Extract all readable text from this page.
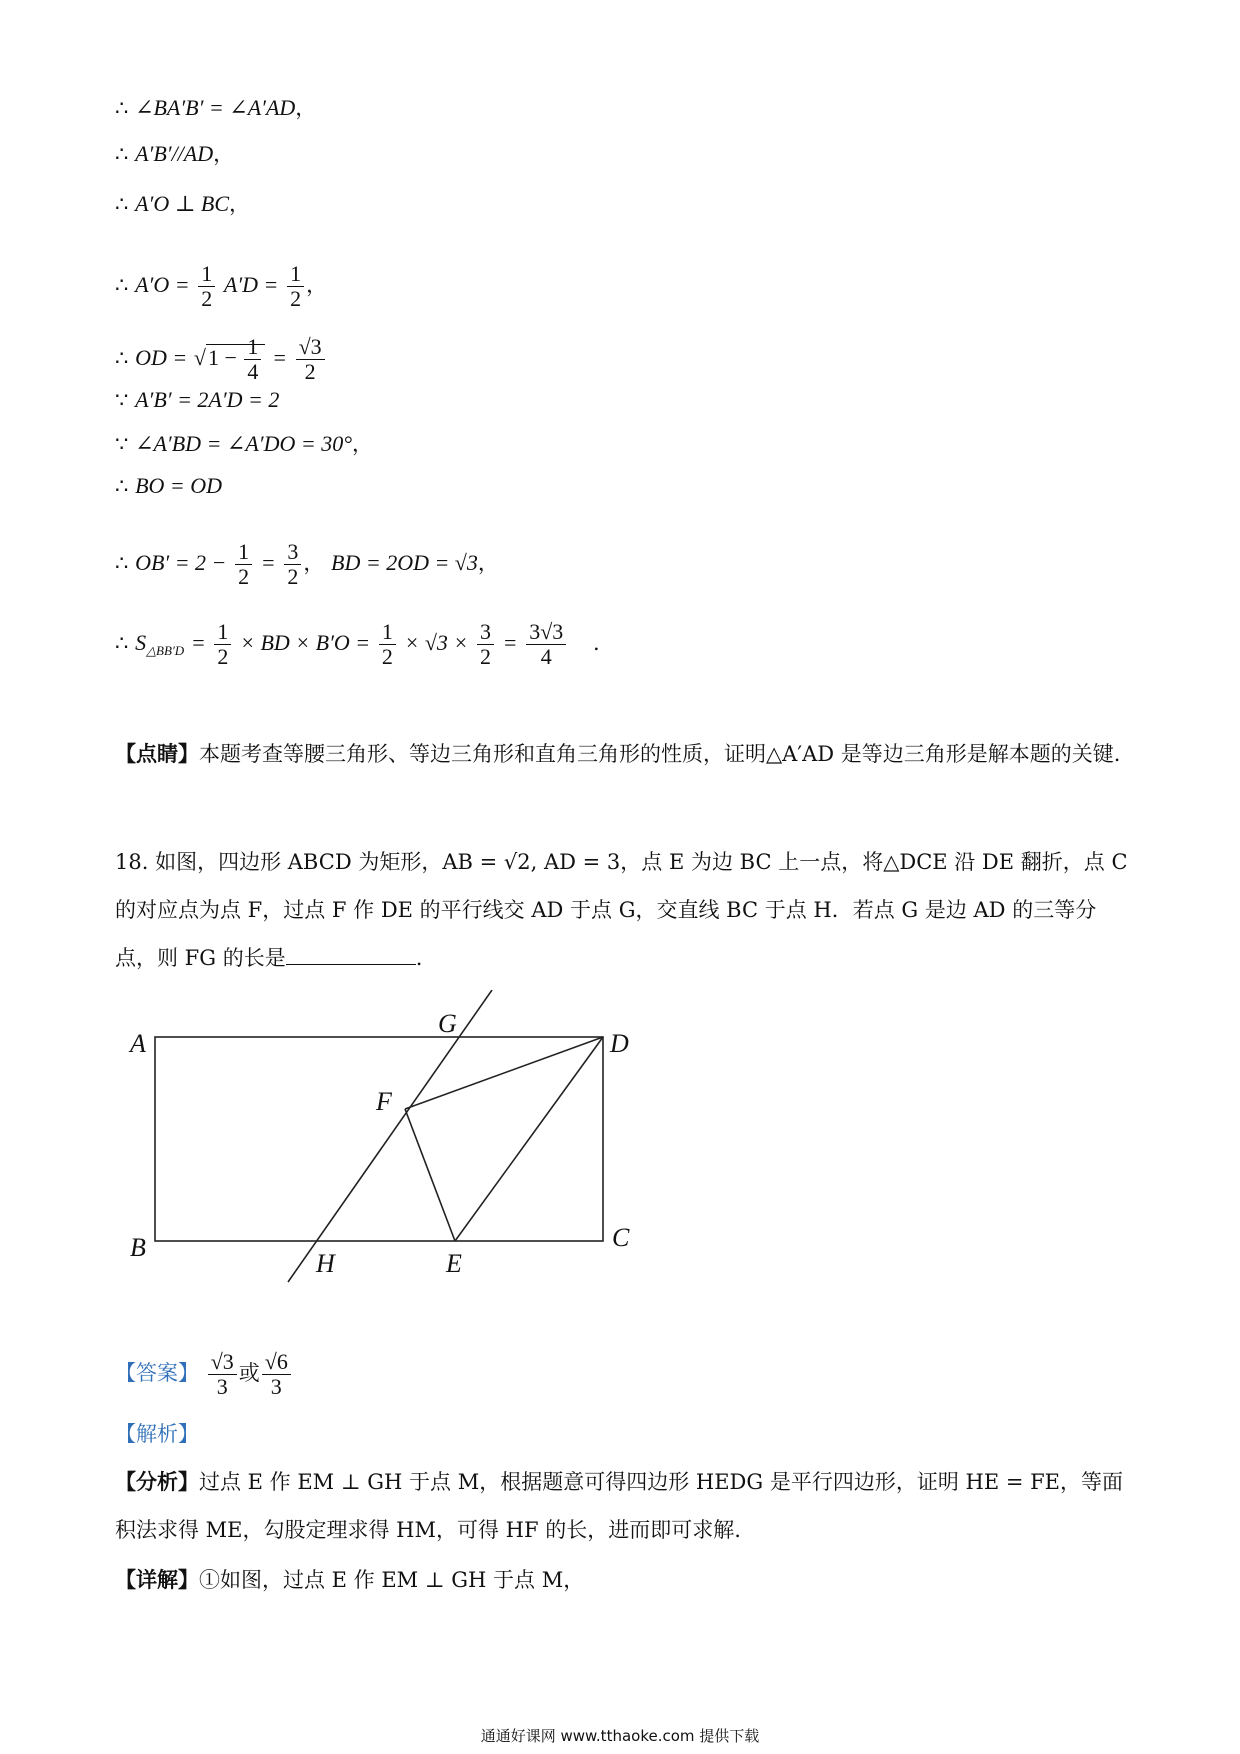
∴ ∠BA′B′ = ∠A′AD，
∴ A′B′//AD，
∴ A′O ⊥ BC，
∴ $A'O = \frac{1}{2} A'D = \frac{1}{2}$ ，
∴ OD = $√1 - \frac{1}{4} = \frac{√3}{2}$
∵ A′B′ = 2A′D = 2
∵ ∠A′BD = ∠A′DO = 30°，
∴ BO = OD
∴ $OB' = 2 - \frac{1}{2} = \frac{3}{2}$ ， BD = 2OD = √3，
∴ $S_{\triangle BB'D} = \frac{1}{2}$ × BD × $B'O = \frac{1}{2} \times √3 \times \frac{3}{2} = \frac{3√3}{4}$ .
【点睛】本题考查等腰三角形、等边三角形和直角三角形的性质，证明△A′AD 是等边三角形是解本题的关键.
18. 如图，四边形 ABCD 为矩形，AB = √2, AD = 3，点 E 为边 BC 上一点，将△DCE 沿 DE 翻折，点 C 的对应点为点 F，过点 F 作 DE 的平行线交 AD 于点 G，交直线 BC 于点 H．若点 G 是边 AD 的三等分点，则 FG 的长是	.
A
B	C
D
E
F
G
H
【答案】 $\frac{√3}{3}$ 或 $\frac{√6}{3}$
【解析】
【分析】过点 E 作 EM ⊥ GH 于点 M，根据题意可得四边形 HEDG 是平行四边形，证明 HE = FE，等面积法求得 ME，勾股定理求得 HM，可得 HF 的长，进而即可求解.
【详解】①如图，过点 E 作 EM ⊥ GH 于点 M，
通通好课网 www.tthaoke.com 提供下载
